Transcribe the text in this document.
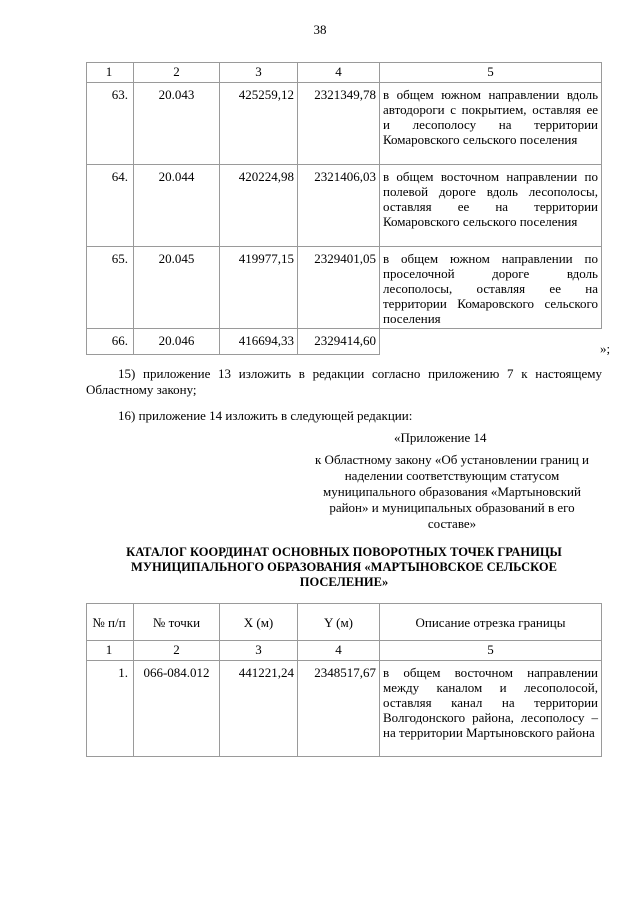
38
1	2	3	4	5
63.	20.043	425259,12	2321349,78	в общем южном направлении вдоль автодороги с покрытием, оставляя ее и лесополосу на территории Комаровского сельского поселения
64.	20.044	420224,98	2321406,03	в общем восточном направлении по полевой дороге вдоль лесополосы, оставляя ее на территории Комаровского сельского поселения
65.	20.045	419977,15	2329401,05	в общем южном направлении по проселочной дороге вдоль лесополосы, оставляя ее на территории Комаровского сельского поселения
66.	20.046	416694,33	2329414,60	
»;
15) приложение 13 изложить в редакции согласно приложению 7 к настоящему Областному закону;
16) приложение 14 изложить в следующей редакции:
«Приложение 14
к Областному закону «Об установлении границ и наделении соответствующим статусом муниципального образования «Мартыновский район» и муниципальных образований в его составе»
КАТАЛОГ КООРДИНАТ ОСНОВНЫХ ПОВОРОТНЫХ ТОЧЕК ГРАНИЦЫ МУНИЦИПАЛЬНОГО ОБРАЗОВАНИЯ «МАРТЫНОВСКОЕ СЕЛЬСКОЕ ПОСЕЛЕНИЕ»
№ п/п	№ точки	X (м)	Y (м)	Описание отрезка границы
1	2	3	4	5
1.	066-084.012	441221,24	2348517,67	в общем восточном направлении между каналом и лесополосой, оставляя канал на территории Волгодонского района, лесополосу – на территории Мартыновского района
